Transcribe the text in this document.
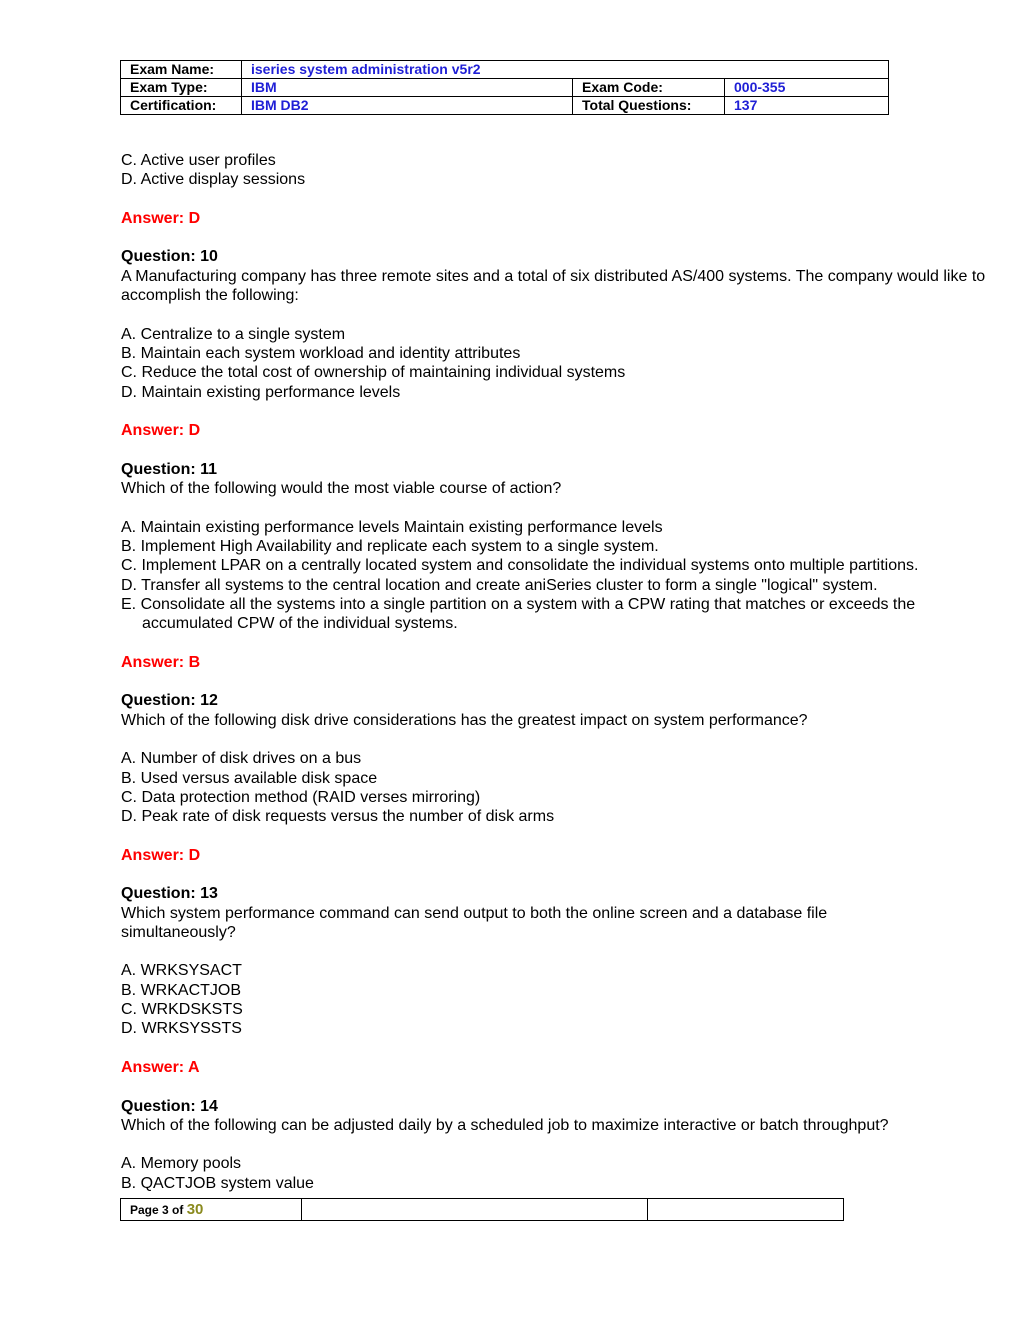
Exam Name:	iseries system administration v5r2		
Exam Type:	IBM	Exam Code:	000-355
Certification:	IBM DB2	Total Questions:	137
C. Active user profiles
D. Active display sessions
Answer: D
Question: 10
A Manufacturing company has three remote sites and a total of six distributed AS/400 systems. The company would like to accomplish the following:
A. Centralize to a single system
B. Maintain each system workload and identity attributes
C. Reduce the total cost of ownership of maintaining individual systems
D. Maintain existing performance levels
Answer: D
Question: 11
Which of the following would the most viable course of action?
A. Maintain existing performance levels Maintain existing performance levels
B. Implement High Availability and replicate each system to a single system.
C. Implement LPAR on a centrally located system and consolidate the individual systems onto multiple partitions.
D. Transfer all systems to the central location and create aniSeries cluster to form a single "logical" system.
E. Consolidate all the systems into a single partition on a system with a CPW rating that matches or exceeds the
accumulated CPW of the individual systems.
Answer: B
Question: 12
Which of the following disk drive considerations has the greatest impact on system performance?
A. Number of disk drives on a bus
B. Used versus available disk space
C. Data protection method (RAID verses mirroring)
D. Peak rate of disk requests versus the number of disk arms
Answer: D
Question: 13
Which system performance command can send output to both the online screen and a database file simultaneously?
A. WRKSYSACT
B. WRKACTJOB
C. WRKDSKSTS
D. WRKSYSSTS
Answer: A
Question: 14
Which of the following can be adjusted daily by a scheduled job to maximize interactive or batch throughput?
A. Memory pools
B. QACTJOB system value
Page 3 of 30		
